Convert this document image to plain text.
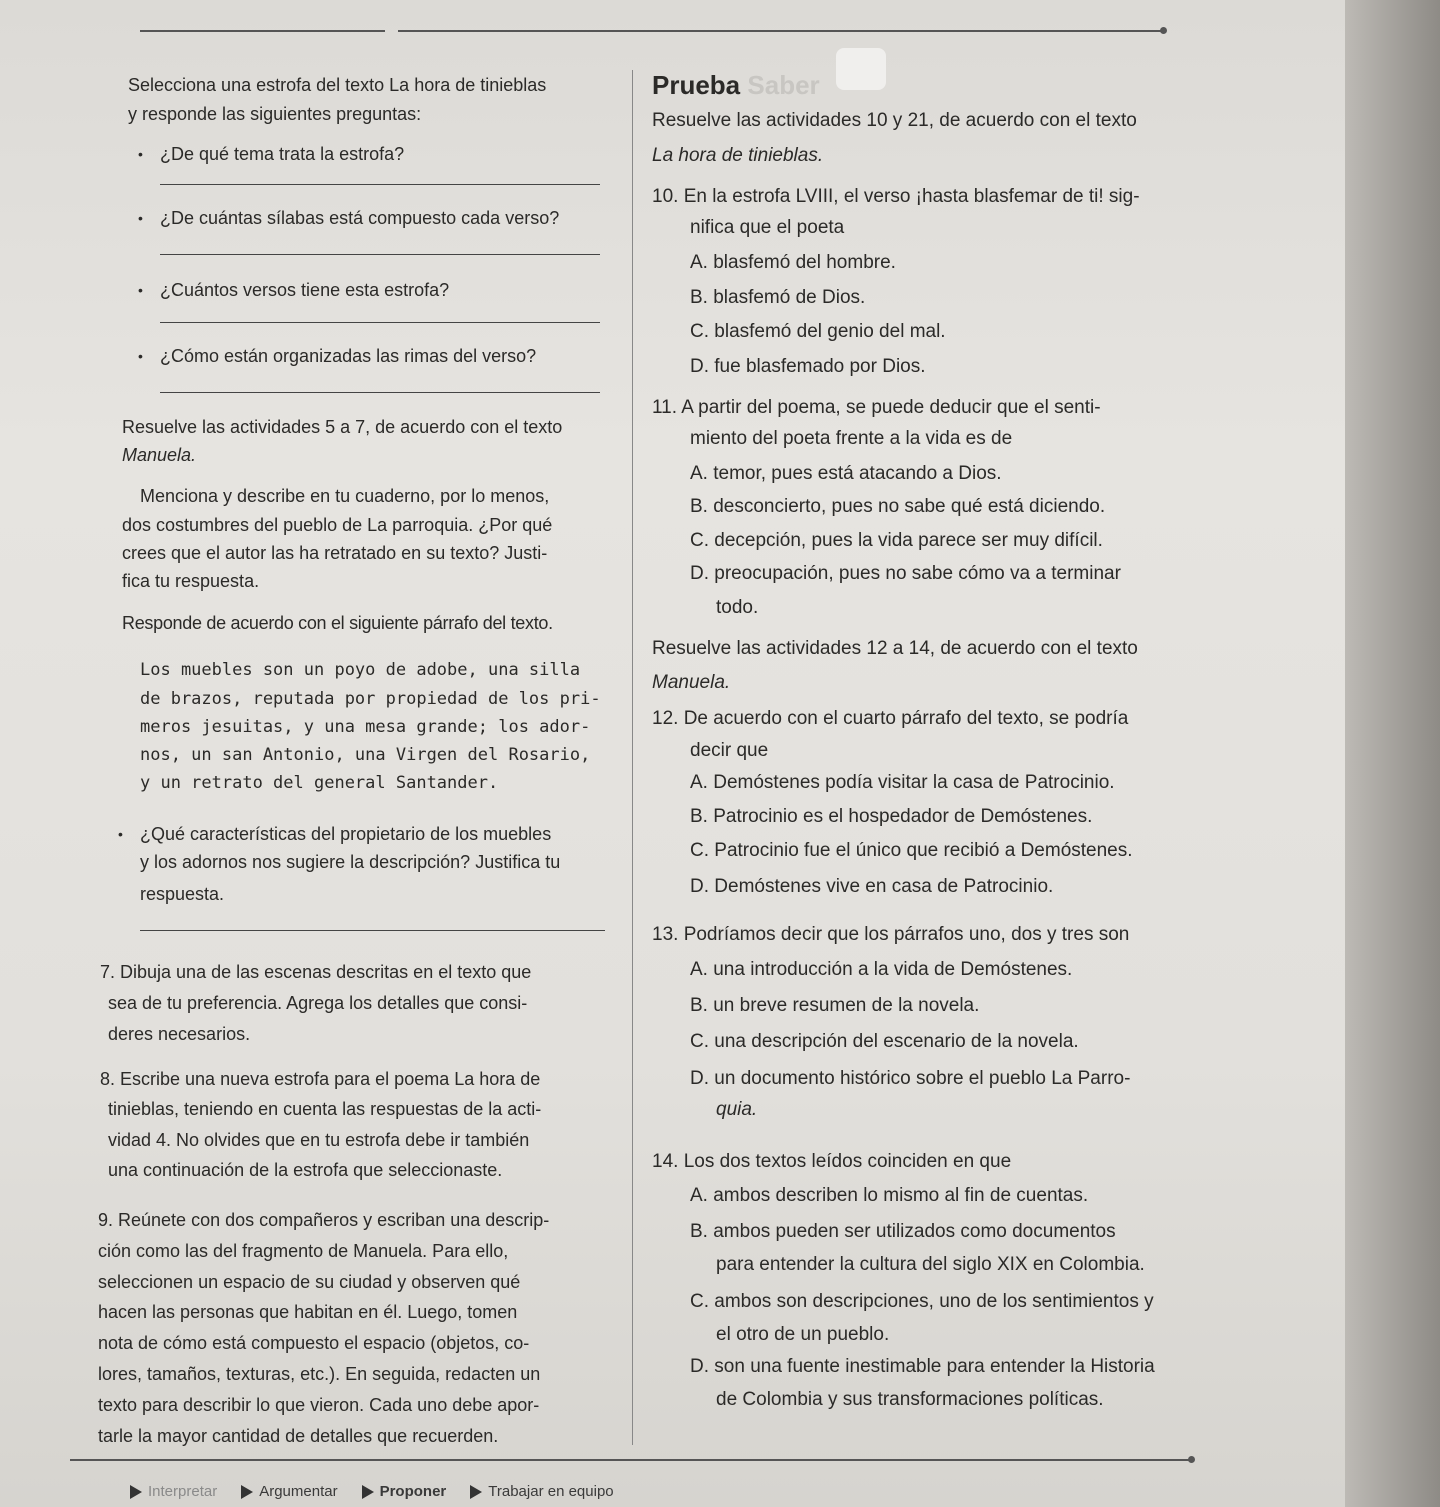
Selecciona una estrofa del texto La hora de tinieblas
y responde las siguientes preguntas:
• ¿De qué tema trata la estrofa?
• ¿De cuántas sílabas está compuesto cada verso?
• ¿Cuántos versos tiene esta estrofa?
• ¿Cómo están organizadas las rimas del verso?
Resuelve las actividades 5 a 7, de acuerdo con el texto
Manuela.
Menciona y describe en tu cuaderno, por lo menos,
dos costumbres del pueblo de La parroquia. ¿Por qué
crees que el autor las ha retratado en su texto? Justi-
fica tu respuesta.
Responde de acuerdo con el siguiente párrafo del texto.
Los muebles son un poyo de adobe, una silla
de brazos, reputada por propiedad de los pri-
meros jesuitas, y una mesa grande; los ador-
nos, un san Antonio, una Virgen del Rosario,
y un retrato del general Santander.
• ¿Qué características del propietario de los muebles
y los adornos nos sugiere la descripción? Justifica tu
respuesta.
7. Dibuja una de las escenas descritas en el texto que
sea de tu preferencia. Agrega los detalles que consi-
deres necesarios.
8. Escribe una nueva estrofa para el poema La hora de
tinieblas, teniendo en cuenta las respuestas de la acti-
vidad 4. No olvides que en tu estrofa debe ir también
una continuación de la estrofa que seleccionaste.
9. Reúnete con dos compañeros y escriban una descrip-
ción como las del fragmento de Manuela. Para ello,
seleccionen un espacio de su ciudad y observen qué
hacen las personas que habitan en él. Luego, tomen
nota de cómo está compuesto el espacio (objetos, co-
lores, tamaños, texturas, etc.). En seguida, redacten un
texto para describir lo que vieron. Cada uno debe apor-
tarle la mayor cantidad de detalles que recuerden.
Prueba Saber
Resuelve las actividades 10 y 21, de acuerdo con el texto
La hora de tinieblas.
10. En la estrofa LVIII, el verso ¡hasta blasfemar de ti! sig-
nifica que el poeta
A. blasfemó del hombre.
B. blasfemó de Dios.
C. blasfemó del genio del mal.
D. fue blasfemado por Dios.
11. A partir del poema, se puede deducir que el senti-
miento del poeta frente a la vida es de
A. temor, pues está atacando a Dios.
B. desconcierto, pues no sabe qué está diciendo.
C. decepción, pues la vida parece ser muy difícil.
D. preocupación, pues no sabe cómo va a terminar
todo.
Resuelve las actividades 12 a 14, de acuerdo con el texto
Manuela.
12. De acuerdo con el cuarto párrafo del texto, se podría
decir que
A. Demóstenes podía visitar la casa de Patrocinio.
B. Patrocinio es el hospedador de Demóstenes.
C. Patrocinio fue el único que recibió a Demóstenes.
D. Demóstenes vive en casa de Patrocinio.
13. Podríamos decir que los párrafos uno, dos y tres son
A. una introducción a la vida de Demóstenes.
B. un breve resumen de la novela.
C. una descripción del escenario de la novela.
D. un documento histórico sobre el pueblo La Parro-
quia.
14. Los dos textos leídos coinciden en que
A. ambos describen lo mismo al fin de cuentas.
B. ambos pueden ser utilizados como documentos
para entender la cultura del siglo XIX en Colombia.
C. ambos son descripciones, uno de los sentimientos y
el otro de un pueblo.
D. son una fuente inestimable para entender la Historia
de Colombia y sus transformaciones políticas.
Interpretar	Argumentar	Proponer	Trabajar en equipo
